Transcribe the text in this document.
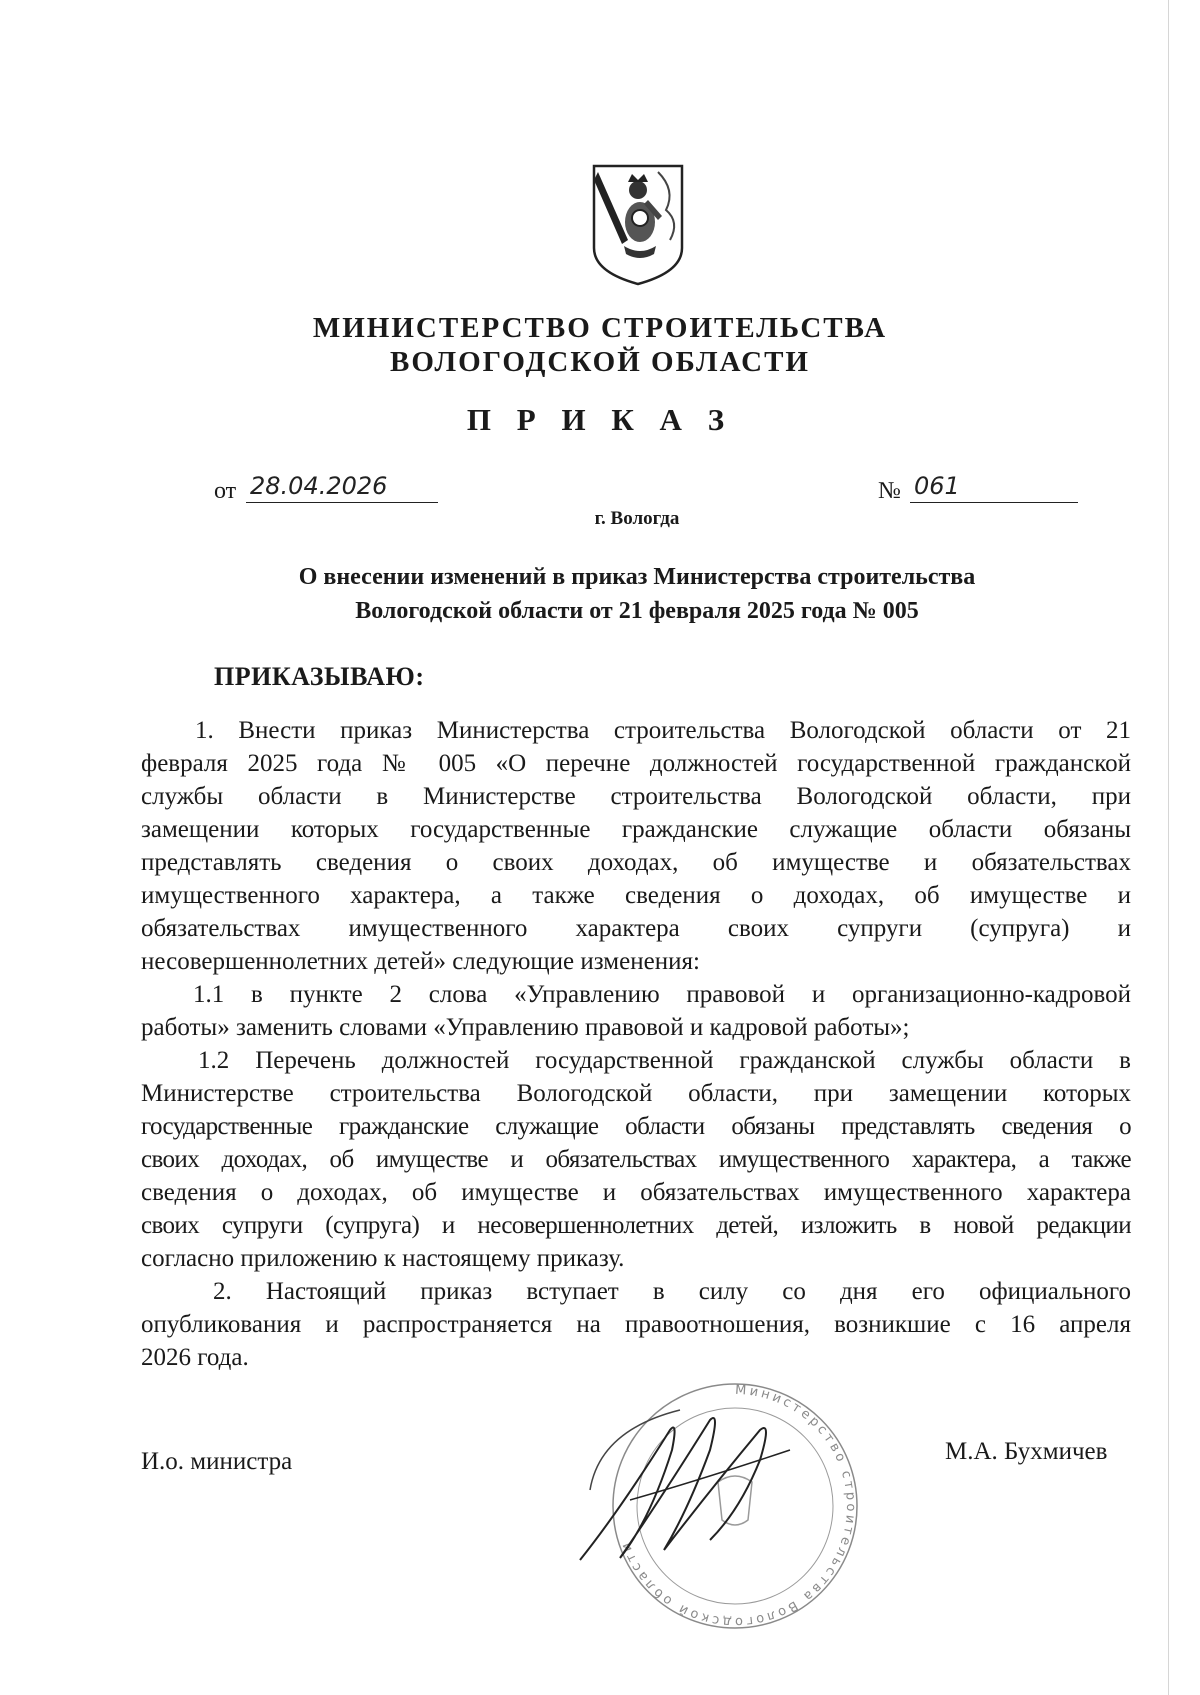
МИНИСТЕРСТВО СТРОИТЕЛЬСТВА
ВОЛОГОДСКОЙ ОБЛАСТИ
П Р И К А З
от 28.04.2026	№ 061
г. Вологда
О внесении изменений в приказ Министерства строительства
Вологодской области от 21 февраля 2025 года № 005
ПРИКАЗЫВАЮ:
1. Внести приказ Министерства строительства Вологодской области от 21
февраля 2025 года № 005 «О перечне должностей государственной гражданской
службы области в Министерстве строительства Вологодской области, при
замещении которых государственные гражданские служащие области обязаны
представлять сведения о своих доходах, об имуществе и обязательствах
имущественного характера, а также сведения о доходах, об имуществе и
обязательствах имущественного характера своих супруги (супруга) и
несовершеннолетних детей» следующие изменения:
1.1 в пункте 2 слова «Управлению правовой и организационно-кадровой
работы» заменить словами «Управлению правовой и кадровой работы»;
1.2 Перечень должностей государственной гражданской службы области в
Министерстве строительства Вологодской области, при замещении которых
государственные гражданские служащие области обязаны представлять сведения о
своих доходах, об имуществе и обязательствах имущественного характера, а также
сведения о доходах, об имуществе и обязательствах имущественного характера
своих супруги (супруга) и несовершеннолетних детей, изложить в новой редакции
согласно приложению к настоящему приказу.
2. Настоящий приказ вступает в силу со дня его официального
опубликования и распространяется на правоотношения, возникшие с 16 апреля
2026 года.
И.о. министра	М.А. Бухмичев
Министерство строительства Вологодской области
